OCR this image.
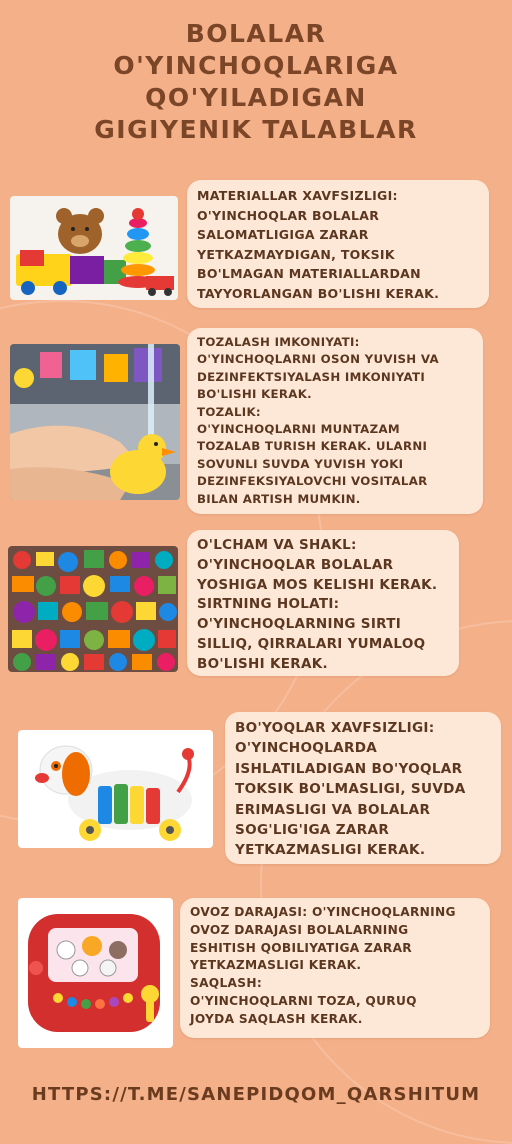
BOLALAR
O'YINCHOQLARIGA
QO'YILADIGAN
GIGIYENIK TALABLAR
MATERIALLAR XAVFSIZLIGI:
O'YINCHOQLAR BOLALAR
SALOMATLIGIGA ZARAR
YETKAZMAYDIGAN, TOKSIK
BO'LMAGAN MATERIALLARDAN
TAYYORLANGAN BO'LISHI KERAK.
TOZALASH IMKONIYATI:
O'YINCHOQLARNI OSON YUVISH VA
DEZINFEKTSIYALASH IMKONIYATI
BO'LISHI KERAK.
TOZALIK:
O'YINCHOQLARNI MUNTAZAM
TOZALAB TURISH KERAK. ULARNI
SOVUNLI SUVDA YUVISH YOKI
DEZINFEKSIYALOVCHI VOSITALAR
BILAN ARTISH MUMKIN.
O'LCHAM VA SHAKL:
O'YINCHOQLAR BOLALAR
YOSHIGA MOS KELISHI KERAK.
SIRTNING HOLATI:
O'YINCHOQLARNING SIRTI
SILLIQ, QIRRALARI YUMALOQ
BO'LISHI KERAK.
BO'YOQLAR XAVFSIZLIGI:
O'YINCHOQLARDA
ISHLATILADIGAN BO'YOQLAR
TOKSIK BO'LMASLIGI, SUVDA
ERIMASLIGI VA BOLALAR
SOG'LIG'IGA ZARAR
YETKAZMASLIGI KERAK.
OVOZ DARAJASI: O'YINCHOQLARNING
OVOZ DARAJASI BOLALARNING
ESHITISH QOBILIYATIGA ZARAR
YETKAZMASLIGI KERAK.
SAQLASH:
O'YINCHOQLARNI TOZA, QURUQ
JOYDA SAQLASH KERAK.
HTTPS://T.ME/SANEPIDQOM_QARSHITUM
